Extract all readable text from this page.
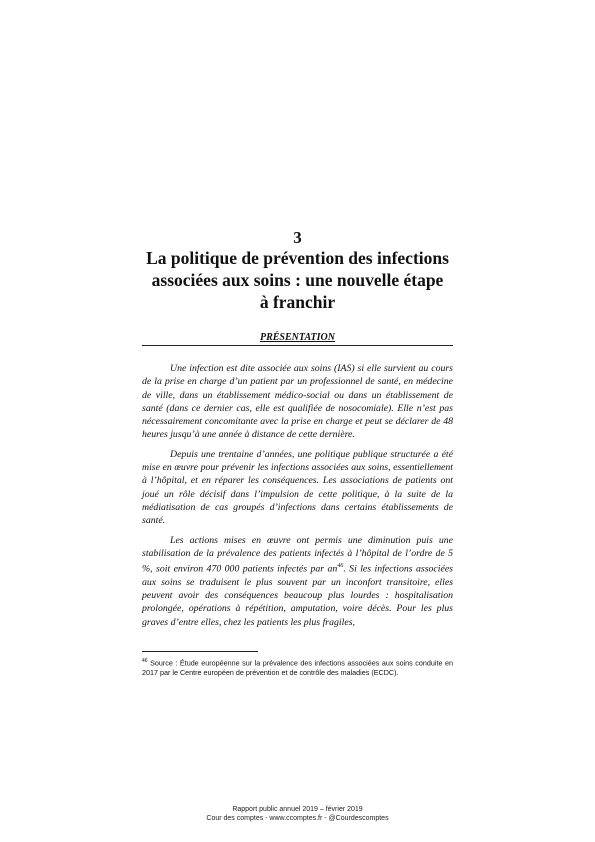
3
La politique de prévention des infections
associées aux soins : une nouvelle étape
à franchir
PRÉSENTATION

Une infection est dite associée aux soins (IAS) si elle survient au cours de la prise en charge d’un patient par un professionnel de santé, en médecine de ville, dans un établissement médico-social ou dans un établissement de santé (dans ce dernier cas, elle est qualifiée de nosocomiale). Elle n’est pas nécessairement concomitante avec la prise en charge et peut se déclarer de 48 heures jusqu’à une année à distance de cette dernière.

Depuis une trentaine d’années, une politique publique structurée a été mise en œuvre pour prévenir les infections associées aux soins, essentiellement à l’hôpital, et en réparer les conséquences. Les associations de patients ont joué un rôle décisif dans l’impulsion de cette politique, à la suite de la médiatisation de cas groupés d’infections dans certains établissements de santé.

Les actions mises en œuvre ont permis une diminution puis une stabilisation de la prévalence des patients infectés à l’hôpital de l’ordre de 5 %, soit environ 470 000 patients infectés par $an^{46}$. Si les infections associées aux soins se traduisent le plus souvent par un inconfort transitoire, elles peuvent avoir des conséquences beaucoup plus lourdes : hospitalisation prolongée, opérations à répétition, amputation, voire décès. Pour les plus graves d’entre elles, chez les patients les plus fragiles,

$^{46}$ Source : Étude européenne sur la prévalence des infections associées aux soins conduite en 2017 par le Centre européen de prévention et de contrôle des maladies (ECDC).
Rapport public annuel 2019 – février 2019
Cour des comptes - www.ccomptes.fr - @Courdescomptes
